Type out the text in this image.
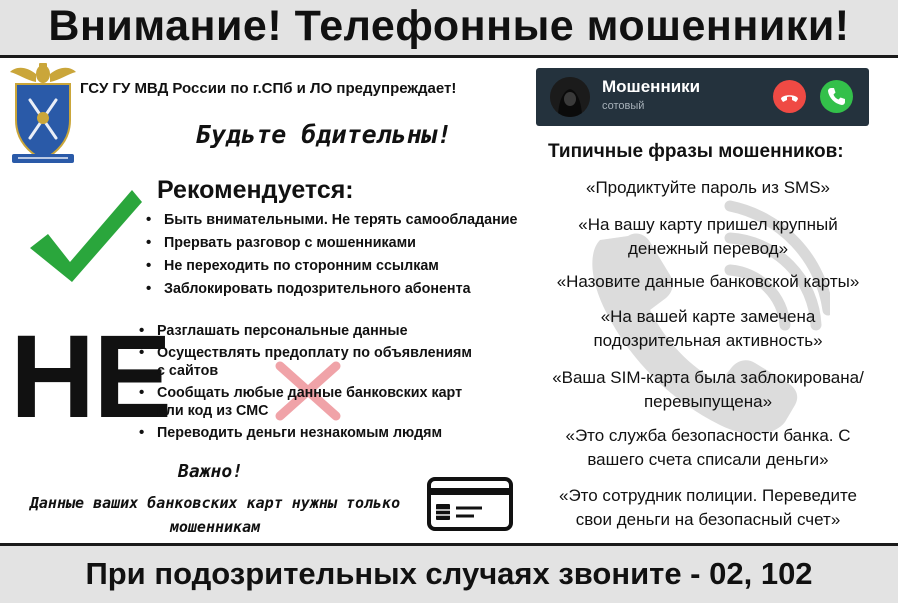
Внимание! Телефонные мошенники!
ГСУ ГУ МВД России по г.СПб и ЛО предупреждает!
Будьте бдительны!
Рекомендуется:
• Быть внимательными. Не терять самообладание
• Прервать разговор с мошенниками
• Не переходить по сторонним ссылкам
• Заблокировать подозрительного абонента
НЕ
• Разглашать персональные данные
• Осуществлять предоплату по объявлениям
с сайтов
• Сообщать любые данные банковских карт
или код из СМС
• Переводить деньги незнакомым людям
Важно!
Данные ваших банковских карт нужны только мошенникам
Мошенники
сотовый
Типичные фразы мошенников:
«Продиктуйте пароль из SMS»
«На вашу карту пришел крупный
денежный перевод»
«Назовите данные банковской карты»
«На вашей карте замечена
подозрительная активность»
«Ваша SIM-карта была заблокирована/
перевыпущена»
«Это служба безопасности банка. С
вашего счета списали деньги»
«Это сотрудник полиции. Переведите
свои деньги на безопасный счет»
При подозрительных случаях звоните - 02, 102
